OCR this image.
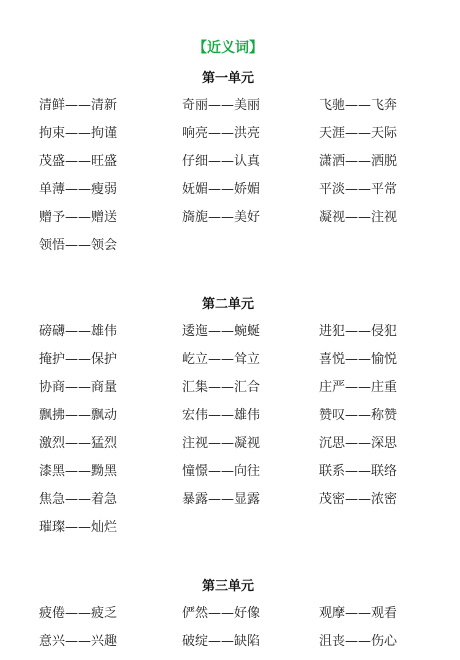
【近义词】
第一单元
清鲜——清新	奇丽——美丽	飞驰——飞奔
拘束——拘谨	响亮——洪亮	天涯——天际
茂盛——旺盛	仔细——认真	潇洒——洒脱
单薄——瘦弱	妩媚——娇媚	平淡——平常
赠予——赠送	旖旎——美好	凝视——注视
领悟——领会
第二单元
磅礴——雄伟	逶迤——蜿蜒	进犯——侵犯
掩护——保护	屹立——耸立	喜悦——愉悦
协商——商量	汇集——汇合	庄严——庄重
飘拂——飘动	宏伟——雄伟	赞叹——称赞
激烈——猛烈	注视——凝视	沉思——深思
漆黑——黝黑	憧憬——向往	联系——联络
焦急——着急	暴露——显露	茂密——浓密
璀璨——灿烂
第三单元
疲倦——疲乏	俨然——好像	观摩——观看
意兴——兴趣	破绽——缺陷	沮丧——伤心
